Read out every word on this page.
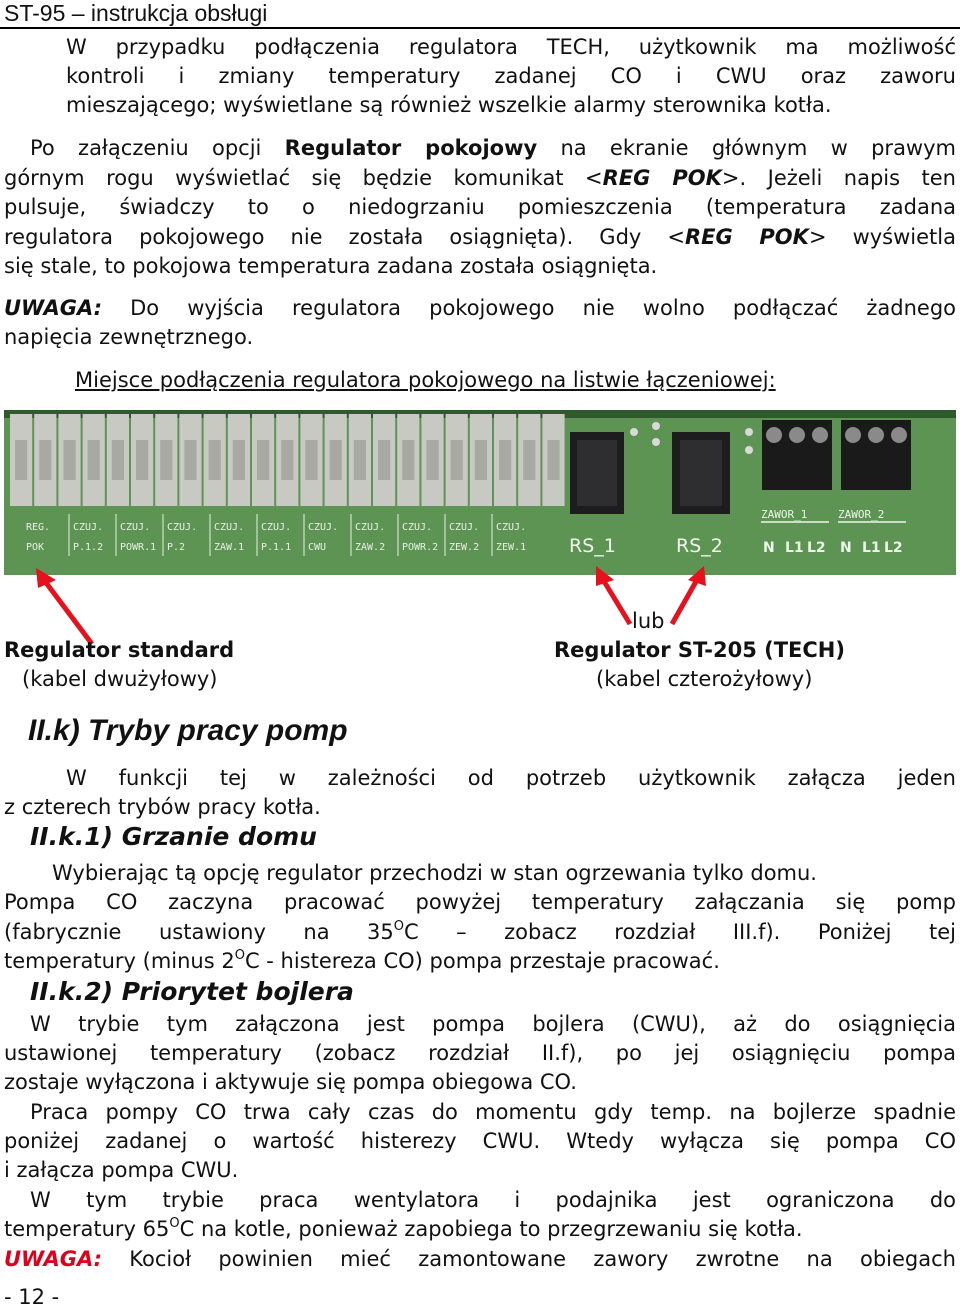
ST-95 – instrukcja obsługi
W przypadku podłączenia regulatora TECH, użytkownik ma możliwość
kontroli i zmiany temperatury zadanej CO i CWU oraz zaworu
mieszającego; wyświetlane są również wszelkie alarmy sterownika kotła.
Po załączeniu opcji Regulator pokojowy na ekranie głównym w prawym
górnym rogu wyświetlać się będzie komunikat <REG POK>. Jeżeli napis ten
pulsuje, świadczy to o niedogrzaniu pomieszczenia (temperatura zadana
regulatora pokojowego nie została osiągnięta). Gdy <REG POK> wyświetla
się stale, to pokojowa temperatura zadana została osiągnięta.
UWAGA: Do wyjścia regulatora pokojowego nie wolno podłączać żadnego
napięcia zewnętrznego.
Miejsce podłączenia regulatora pokojowego na listwie łączeniowej:
REG.
POK
CZUJ.
P.1.2
CZUJ.
POWR.1
CZUJ.
P.2
CZUJ.
ZAW.1
CZUJ.
P.1.1
CZUJ.
CWU
CZUJ.
ZAW.2
CZUJ.
POWR.2
CZUJ.
ZEW.2
CZUJ.
ZEW.1 RS_1	RS_2
ZAWOR_1	ZAWOR_2
N L1 L2 N L1 L2
lub
Regulator standard
(kabel dwużyłowy)
Regulator ST-205 (TECH)
(kabel czterożyłowy)
II.k) Tryby pracy pomp
W funkcji tej w zależności od potrzeb użytkownik załącza jeden
z czterech trybów pracy kotła.
II.k.1) Grzanie domu
Wybierając tą opcję regulator przechodzi w stan ogrzewania tylko domu.
Pompa CO zaczyna pracować powyżej temperatury załączania się pomp
(fabrycznie ustawiony na $35^OC$ – zobacz rozdział III.f). Poniżej tej
temperatury (minus $2^OC$ - histereza CO) pompa przestaje pracować.
II.k.2) Priorytet bojlera
W trybie tym załączona jest pompa bojlera (CWU), aż do osiągnięcia
ustawionej temperatury (zobacz rozdział II.f), po jej osiągnięciu pompa
zostaje wyłączona i aktywuje się pompa obiegowa CO.
Praca pompy CO trwa cały czas do momentu gdy temp. na bojlerze spadnie
poniżej zadanej o wartość histerezy CWU. Wtedy wyłącza się pompa CO
i załącza pompa CWU.
W tym trybie praca wentylatora i podajnika jest ograniczona do
temperatury $65^OC$ na kotle, ponieważ zapobiega to przegrzewaniu się kotła.
UWAGA: Kocioł powinien mieć zamontowane zawory zwrotne na obiegach
- 12 -
